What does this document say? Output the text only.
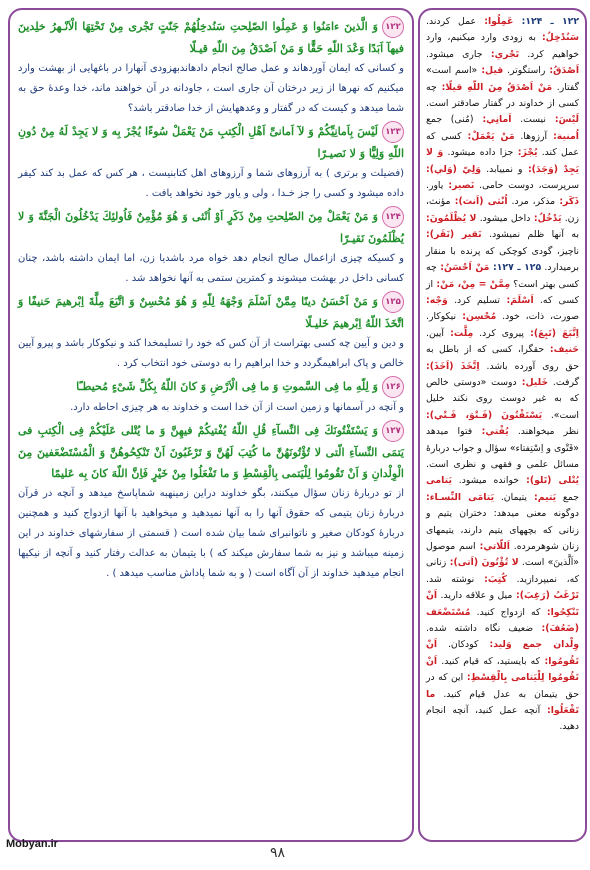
۱۲۲وَ الَّذينَ ءامَنُوا وَ عَمِلُوا الصّلِحتِ سَنُدخِلُهُمْ جَنّتٍ تَجْرى مِنْ تَحْتِهَا الْاَنْـهرُ خلِدينَ فيهآ اَبَدًا وَعْدَ اللّهِ حَقًّا وَ مَنْ اَصْدَقُ مِنَ اللّهِ قيـلًا

و کسانی که ایمان آوردهاند و عمل صالح انجام دادهاندبهزودی آنهارا در باغهایی از بهشت وارد میکنیم که نهرها از زیر درختان آن جاری است ، جاودانه در آن خواهند ماند، خدا وعدهٔ حق به شما میدهد و کیست که در گفتار و وعدههایش از خدا صادقتر باشد؟

۱۲۳لَيْسَ بِاَمانِيِّكُمْ وَ لآ اَمانىِّ اَهْلِ الْكِتبِ مَنْ يَعْمَلْ سُوءًا يُجْزَ بِه وَ لا يَجِدْ لَهُ مِنْ دُونِ اللّهِ وَلِيًّا وَ لا نَصيـرًا

(فضیلت و برتری ) به آرزوهای شما و آرزوهای اهل کتابنیست ، هر کس که عمل بد کند کیفر داده میشود و کسی را جز خـدا ، ولی و یاور خود نخواهد یافت .

۱۲۴وَ مَنْ يَعْمَلْ مِنَ الصّلِحتِ مِنْ ذَكَرٍ اَوْ اُنْثى وَ هُوَ مُؤْمِنٌ فَاُولئِكَ يَدْخُلُونَ الْجَنَّةَ وَ لا يُظْلَمُونَ نَقيـرًا

و کسیکه چیزی ازاعمال صالح انجام دهد خواه مرد باشدیا زن، اما ایمان داشته باشد، چنان کسانی داخل در بهشت میشوند و کمترین ستمی به آنها نخواهد شد .

۱۲۵وَ مَنْ اَحْسَنُ دينًا مِمَّنْ اَسْلَمَ وَجْهَهُ لِلّهِ وَ هُوَ مُحْسِنٌ وَ اتَّبَعَ مِلَّةَ اِبْرهيمَ حَنيفًا وَ اتَّخَذَ اللّهُ اِبْرهيمَ خَليـلًا

و دین و آیین چه کسی بهتراست از آن کس که خود را تسلیمخدا کند و نیکوکار باشد و پیرو آیین خالص و پاک ابراهیمگردد و خدا ابراهیم را به دوستی خود انتخاب کرد .

۱۲۶وَ لِلّهِ ما فِى السَّموتِ وَ ما فِى الْاَرْضِ وَ كانَ اللّهُ بِكُلِّ شَىْءٍ مُحيطـًا

و آنچه در آسمانها و زمین است از آن خدا است و خداوند به هر چیزی احاطه دارد.

۱۲۷وَ يَسْتَفْتُونَكَ فِى النِّسآءِ قُلِ اللّهُ يُفْتيكُمْ فيهِنَّ وَ ما يُتْلى عَلَيْكُمْ فِى الْكِتبِ فى يَتمَى النِّسآءِ الّتى لا تُؤْتُونَهُنَّ ما كُتِبَ لَهُنَّ وَ تَرْغَبُونَ اَنْ تَنْكِحُوهُنَّ وَ الْمُسْتَضْعَفينَ مِنَ الْوِلْدانِ وَ اَنْ تَقُومُوا لِلْيَتمى بِالْقِسْطِ وَ ما تَفْعَلُوا مِنْ خَيْرٍ فَاِنَّ اللّهَ كانَ بِه عَليمًا

از تو دربارهٔ زنان سؤال میکنند، بگو خداوند دراین زمینهبه شماپاسخ میدهد و آنچه در قرآن دربارهٔ زنان یتیمی که حقوق آنها را به آنها نمیدهید و میخواهید با آنها ازدواج کنید و همچنین دربارهٔ کودکان صغیر و ناتوانبرای شما بیان شده است ( قسمتی از سفارشهای خداوند در این زمینه میباشد و نیز به شما سفارش میکند که ) با یتیمان به عدالت رفتار کنید و آنچه از نیکیها انجام میدهید خداوند از آن آگاه است ( و به شما پاداش مناسب میدهد ) .

۱۲۲ ـ ۱۲۴: عَمِلُوا: عمل کردند. سَنُدْخِلُ: به زودی وارد میکنیم، وارد خواهیم کرد. تَجْري: جاری میشود. اَصْدَقُ: راستگوتر. قيل: «اسم است» گفتار. مَنْ اَصْدَقُ مِنَ اللّهِ قيلًا: چه کسی از خداوند در گفتار صادقتر است. لَيْسَ: نیست. اَمانِي: (مُنی) جمع اُمنية: آرزوها. مَنْ يَعْمَلْ: کسی که عمل کند. يُجْزَ: جزا داده میشود. وَ لا يَجِدْ (وَجَدَ): و نمییابد. وَلِيّ (وَلي): سرپرست، دوست حامی. نَصير: یاور. ذَكَر: مذکر، مرد. اُنْثى (اَنث): مؤنث، زن. يَدْخُلُ: داخل میشود. لا يُظْلَمُونَ: به آنها ظلم نمیشود. نَقير (نَقَر): ناچیز، گودی کوچکی که پرنده با منقار برمیدارد. ۱۲۵ ـ ۱۲۷: مَنْ اَحْسَنُ: چه کسی بهتر است؟ مِمَّنْ = مِنْ، مَنْ: از کسی که. اَسْلَمَ: تسلیم کرد. وَجْه: صورت، ذات، خود. مُحْسِن: نیکوکار. اِتَّبَعَ (تَبِعَ): پیروی کرد. مِلَّت: آیین. حَنيف: حقگرا، کسی که از باطل به حق روی آورده باشد. اِتَّخَذَ (اَخَذَ): گرفت. خَليل: دوست «دوستی خالص که به غیر دوست روی نکند خلیل است». يَسْتَفْتُونَ (فَـتْوَ، فَـتْي): نظر میخواهند. يُفْتي: فتوا میدهد «فَتْوى و اِسْتِفتاء» سؤال و جواب دربارهٔ مسائل علمی و فقهی و نظری است. يُتْلى (تَلو): خوانده میشود. يَتامى جمع يَتيم: یتیمان. يَتامَى النِّسـاء: دوگونه معنی میدهد: دختران یتیم و زنانی که بچههای یتیم دارند، یتیمهای زنان شوهرمرده. اَللّاتي: اسم موصول «اَلَّذينَ» است. لا تُؤْتُونَ (اَتى): زنانی که، نمیپردازید. كُتِبَ: نوشته شد. تَرْغَبُ (رَغِبَ): میل و علاقه دارید. اَنْ تَنْكِحُوا: که ازدواج کنید. مُسْتَضْعَف (ضَعُفَ): ضعیف نگاه داشته شده. وِلْدان جمع وَليد: کودکان. اَنْ تَقُومُوا: که بایستید، که قیام کنید. اَنْ تَقُومُوا لِلْيَتامى بِالْقِسْطِ: این که در حق یتیمان به عدل قیام کنید. ما تَفْعَلُوا: آنچه عمل کنید، آنچه انجام دهید.
Mobyan.ir
۹۸
